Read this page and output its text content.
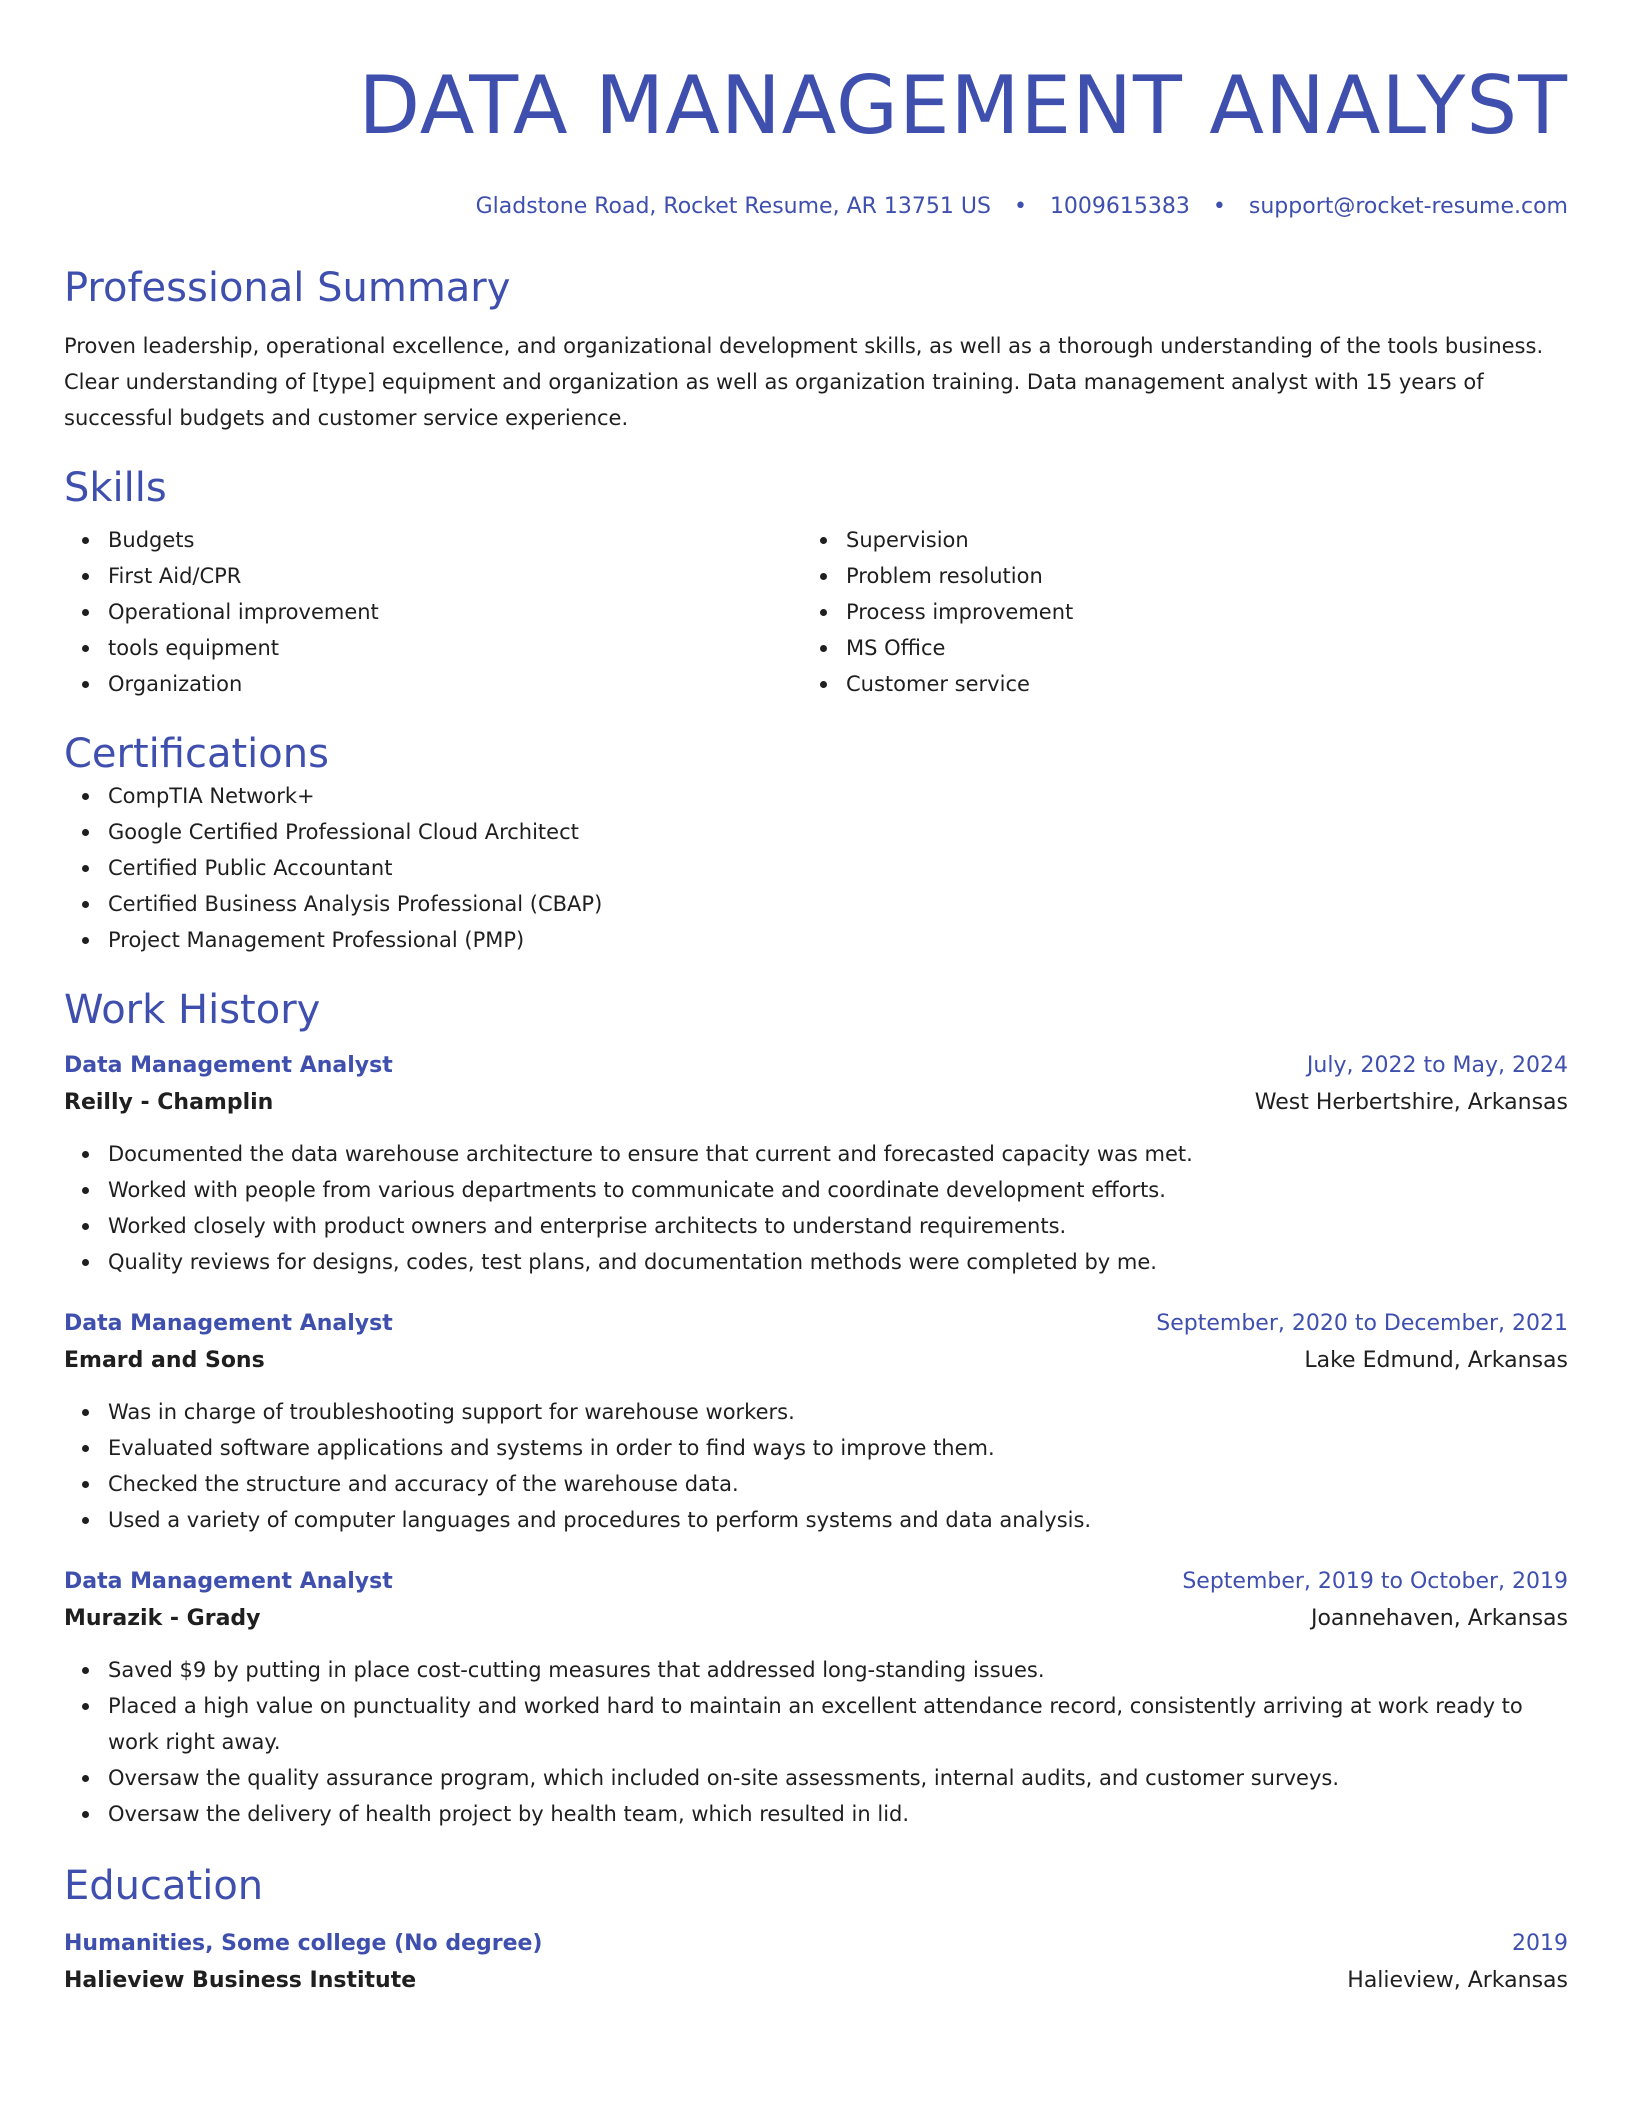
DATA MANAGEMENT ANALYST
Gladstone Road, Rocket Resume, AR 13751 US • 1009615383 • support@rocket-resume.com
Professional Summary

Proven leadership, operational excellence, and organizational development skills, as well as a thorough understanding of the tools business. Clear understanding of [type] equipment and organization as well as organization training. Data management analyst with 15 years of successful budgets and customer service experience.

Skills
Budgets
First Aid/CPR
Operational improvement
tools equipment
Organization
Supervision
Problem resolution
Process improvement
MS Office
Customer service
Certifications
CompTIA Network+
Google Certified Professional Cloud Architect
Certified Public Accountant
Certified Business Analysis Professional (CBAP)
Project Management Professional (PMP)
Work History
Data Management Analyst	July, 2022 to May, 2024
Reilly - Champlin	West Herbertshire, Arkansas
Documented the data warehouse architecture to ensure that current and forecasted capacity was met.
Worked with people from various departments to communicate and coordinate development efforts.
Worked closely with product owners and enterprise architects to understand requirements.
Quality reviews for designs, codes, test plans, and documentation methods were completed by me.
Data Management Analyst	September, 2020 to December, 2021
Emard and Sons	Lake Edmund, Arkansas
Was in charge of troubleshooting support for warehouse workers.
Evaluated software applications and systems in order to find ways to improve them.
Checked the structure and accuracy of the warehouse data.
Used a variety of computer languages and procedures to perform systems and data analysis.
Data Management Analyst	September, 2019 to October, 2019
Murazik - Grady	Joannehaven, Arkansas
Saved $9 by putting in place cost-cutting measures that addressed long-standing issues.
Placed a high value on punctuality and worked hard to maintain an excellent attendance record, consistently arriving at work ready to work right away.
Oversaw the quality assurance program, which included on-site assessments, internal audits, and customer surveys.
Oversaw the delivery of health project by health team, which resulted in lid.
Education
Humanities, Some college (No degree)	2019
Halieview Business Institute	Halieview, Arkansas
